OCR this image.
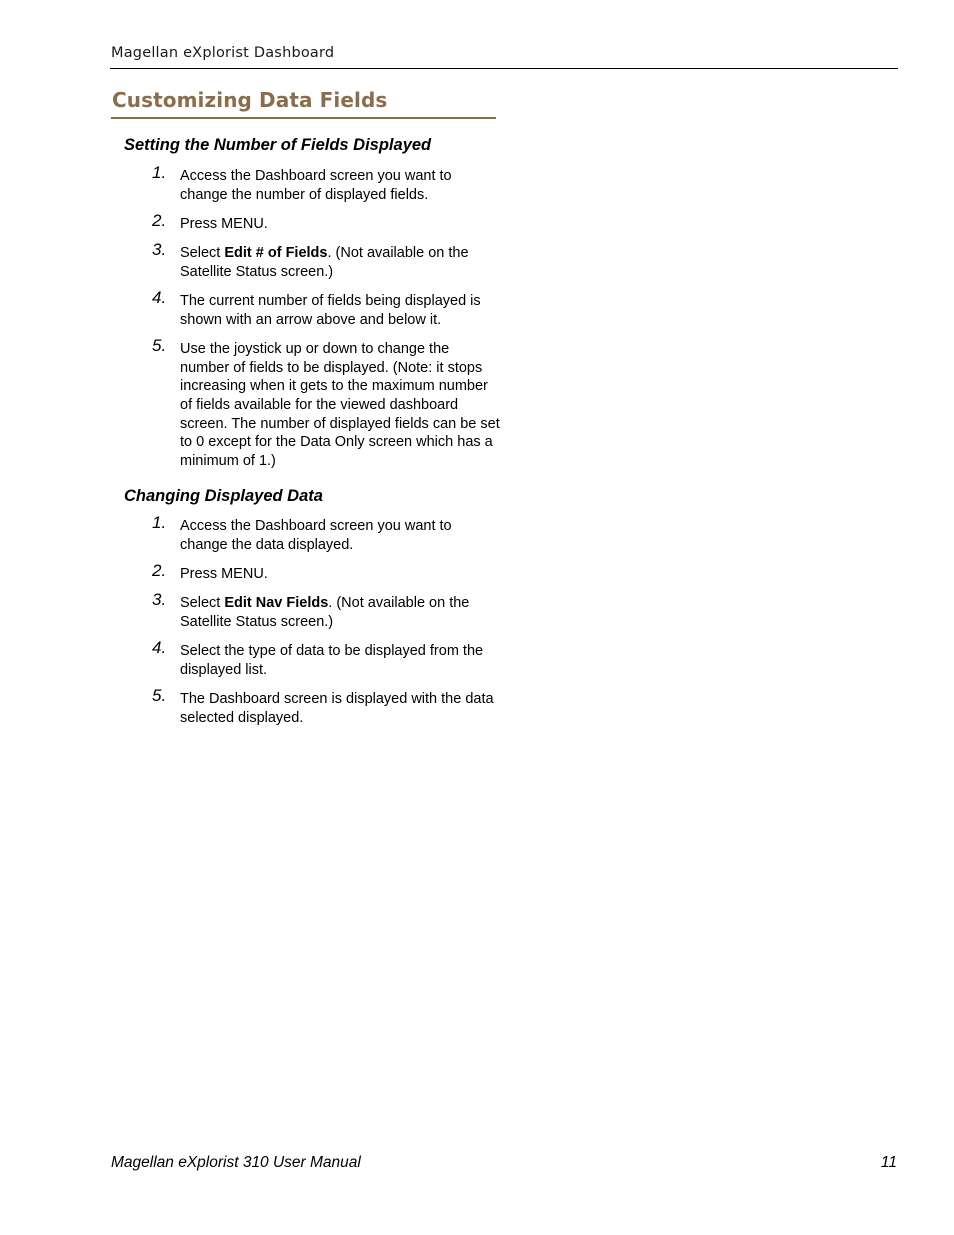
Magellan eXplorist Dashboard
Customizing Data Fields
Setting the Number of Fields Displayed
1. Access the Dashboard screen you want to change the number of displayed fields.
2. Press MENU.
3. Select Edit # of Fields. (Not available on the Satellite Status screen.)
4. The current number of fields being displayed is shown with an arrow above and below it.
5. Use the joystick up or down to change the number of fields to be displayed. (Note: it stops increasing when it gets to the maximum number of fields available for the viewed dashboard screen. The number of displayed fields can be set to 0 except for the Data Only screen which has a minimum of 1.)
Changing Displayed Data
1. Access the Dashboard screen you want to change the data displayed.
2. Press MENU.
3. Select Edit Nav Fields. (Not available on the Satellite Status screen.)
4. Select the type of data to be displayed from the displayed list.
5. The Dashboard screen is displayed with the data selected displayed.
Magellan eXplorist 310 User Manual	11
